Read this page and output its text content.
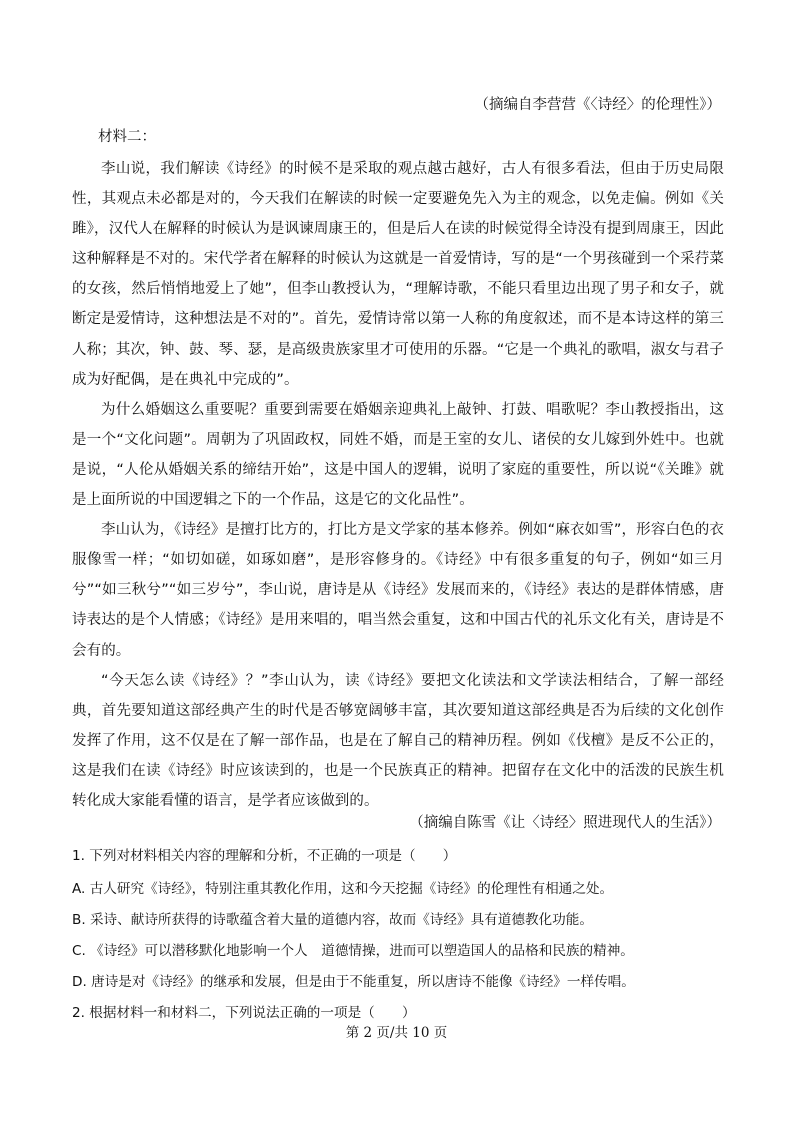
（摘编自李营营《〈诗经〉的伦理性》）
材料二：

李山说，我们解读《诗经》的时候不是采取的观点越古越好，古人有很多看法，但由于历史局限性，其观点未必都是对的，今天我们在解读的时候一定要避免先入为主的观念，以免走偏。例如《关雎》，汉代人在解释的时候认为是讽谏周康王的，但是后人在读的时候觉得全诗没有提到周康王，因此这种解释是不对的。宋代学者在解释的时候认为这就是一首爱情诗，写的是“一个男孩碰到一个采荇菜的女孩，然后悄悄地爱上了她”，但李山教授认为，“理解诗歌，不能只看里边出现了男子和女子，就断定是爱情诗，这种想法是不对的”。首先，爱情诗常以第一人称的角度叙述，而不是本诗这样的第三人称；其次，钟、鼓、琴、瑟，是高级贵族家里才可使用的乐器。“它是一个典礼的歌唱，淑女与君子成为好配偶，是在典礼中完成的”。

为什么婚姻这么重要呢？重要到需要在婚姻亲迎典礼上敲钟、打鼓、唱歌呢？李山教授指出，这是一个“文化问题”。周朝为了巩固政权，同姓不婚，而是王室的女儿、诸侯的女儿嫁到外姓中。也就是说，“人伦从婚姻关系的缔结开始”，这是中国人的逻辑，说明了家庭的重要性，所以说“《关雎》就是上面所说的中国逻辑之下的一个作品，这是它的文化品性”。

李山认为，《诗经》是擅打比方的，打比方是文学家的基本修养。例如“麻衣如雪”，形容白色的衣服像雪一样；“如切如磋，如琢如磨”，是形容修身的。《诗经》中有很多重复的句子，例如“如三月兮”“如三秋兮”“如三岁兮”，李山说，唐诗是从《诗经》发展而来的，《诗经》表达的是群体情感，唐诗表达的是个人情感；《诗经》是用来唱的，唱当然会重复，这和中国古代的礼乐文化有关，唐诗是不会有的。

“今天怎么读《诗经》？”李山认为，读《诗经》要把文化读法和文学读法相结合，了解一部经典，首先要知道这部经典产生的时代是否够宽阔够丰富，其次要知道这部经典是否为后续的文化创作发挥了作用，这不仅是在了解一部作品，也是在了解自己的精神历程。例如《伐檀》是反不公正的，这是我们在读《诗经》时应该读到的，也是一个民族真正的精神。把留存在文化中的活泼的民族生机转化成大家能看懂的语言，是学者应该做到的。

（摘编自陈雪《让〈诗经〉照进现代人的生活》）
1. 下列对材料相关内容的理解和分析，不正确的一项是（　　）
A. 古人研究《诗经》，特别注重其教化作用，这和今天挖掘《诗经》的伦理性有相通之处。
B. 采诗、献诗所获得的诗歌蕴含着大量的道德内容，故而《诗经》具有道德教化功能。
C. 《诗经》可以潜移默化地影响一个人　道德情操，进而可以塑造国人的品格和民族的精神。
D. 唐诗是对《诗经》的继承和发展，但是由于不能重复，所以唐诗不能像《诗经》一样传唱。
2. 根据材料一和材料二，下列说法正确的一项是（　　）
第 2 页/共 10 页
